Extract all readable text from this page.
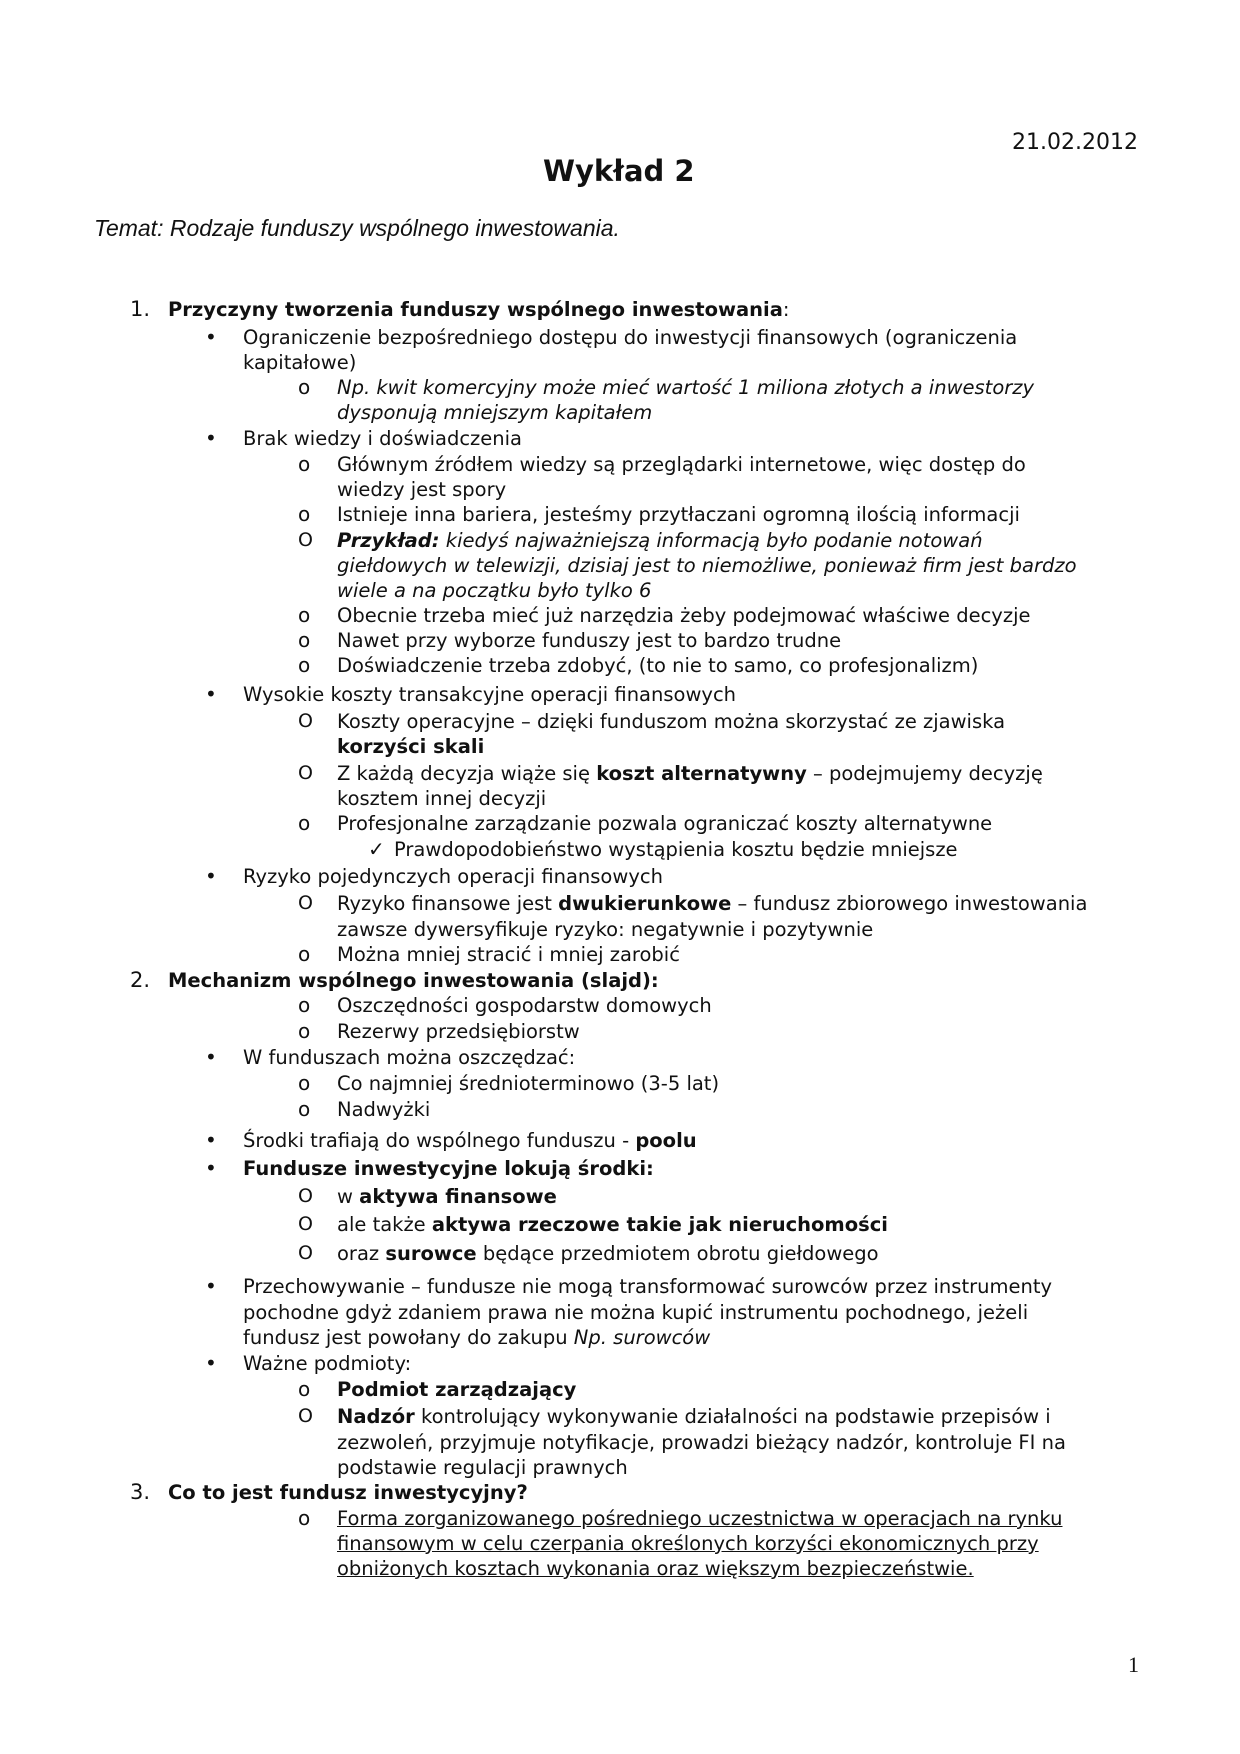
21.02.2012
Wykład 2
Temat: Rodzaje funduszy wspólnego inwestowania.
1. Przyczyny tworzenia funduszy wspólnego inwestowania:
• Ograniczenie bezpośredniego dostępu do inwestycji finansowych (ograniczenia
kapitałowe)
o Np. kwit komercyjny może mieć wartość 1 miliona złotych a inwestorzy
dysponują mniejszym kapitałem
• Brak wiedzy i doświadczenia
o Głównym źródłem wiedzy są przeglądarki internetowe, więc dostęp do
wiedzy jest spory
o Istnieje inna bariera, jesteśmy przytłaczani ogromną ilością informacji
O Przykład: kiedyś najważniejszą informacją było podanie notowań
giełdowych w telewizji, dzisiaj jest to niemożliwe, ponieważ firm jest bardzo
wiele a na początku było tylko 6
o Obecnie trzeba mieć już narzędzia żeby podejmować właściwe decyzje
o Nawet przy wyborze funduszy jest to bardzo trudne
o Doświadczenie trzeba zdobyć, (to nie to samo, co profesjonalizm)
• Wysokie koszty transakcyjne operacji finansowych
O Koszty operacyjne – dzięki funduszom można skorzystać ze zjawiska
korzyści skali
O Z każdą decyzja wiąże się koszt alternatywny – podejmujemy decyzję
kosztem innej decyzji
o Profesjonalne zarządzanie pozwala ograniczać koszty alternatywne
✓ Prawdopodobieństwo wystąpienia kosztu będzie mniejsze
• Ryzyko pojedynczych operacji finansowych
O Ryzyko finansowe jest dwukierunkowe – fundusz zbiorowego inwestowania
zawsze dywersyfikuje ryzyko: negatywnie i pozytywnie
o Można mniej stracić i mniej zarobić
2. Mechanizm wspólnego inwestowania (slajd):
o Oszczędności gospodarstw domowych
o Rezerwy przedsiębiorstw
• W funduszach można oszczędzać:
o Co najmniej średnioterminowo (3-5 lat)
o Nadwyżki
• Środki trafiają do wspólnego funduszu - poolu
• Fundusze inwestycyjne lokują środki:
O w aktywa finansowe
O ale także aktywa rzeczowe takie jak nieruchomości
O oraz surowce będące przedmiotem obrotu giełdowego
• Przechowywanie – fundusze nie mogą transformować surowców przez instrumenty
pochodne gdyż zdaniem prawa nie można kupić instrumentu pochodnego, jeżeli
fundusz jest powołany do zakupu Np. surowców
• Ważne podmioty:
o Podmiot zarządzający
O Nadzór kontrolujący wykonywanie działalności na podstawie przepisów i
zezwoleń, przyjmuje notyfikacje, prowadzi bieżący nadzór, kontroluje FI na
podstawie regulacji prawnych
3. Co to jest fundusz inwestycyjny?
o Forma zorganizowanego pośredniego uczestnictwa w operacjach na rynku
finansowym w celu czerpania określonych korzyści ekonomicznych przy
obniżonych kosztach wykonania oraz większym bezpieczeństwie.
1
